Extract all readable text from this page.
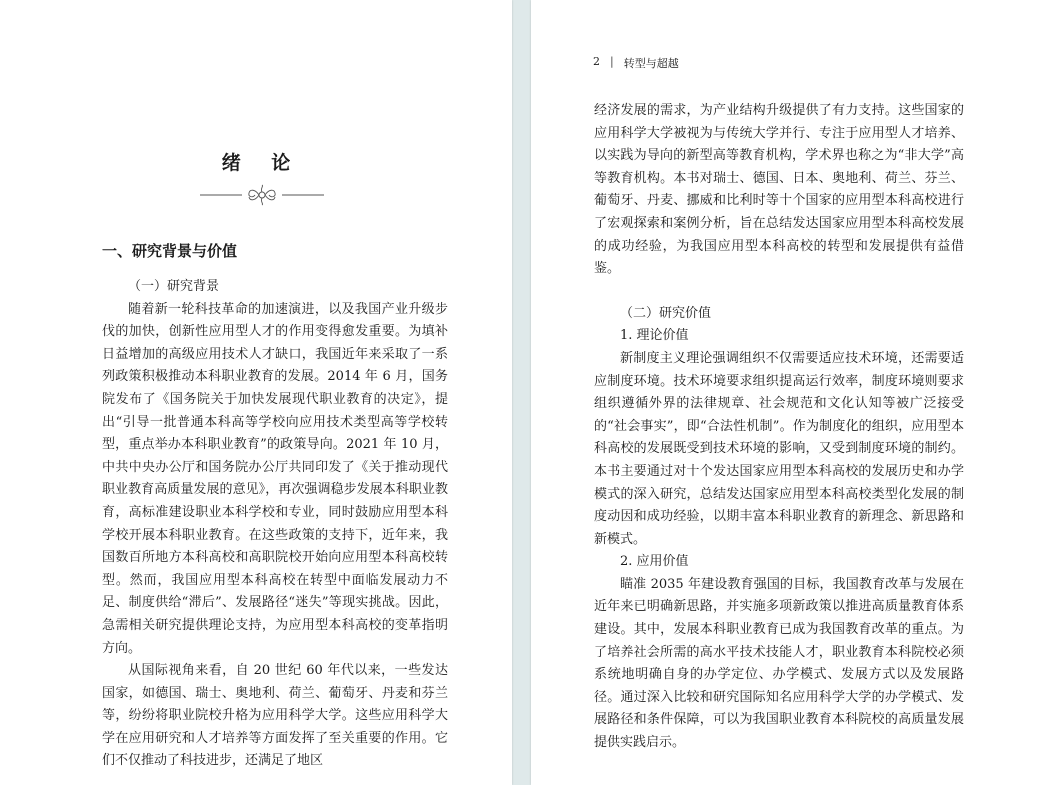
绪 论
一、研究背景与价值

（一）研究背景

随着新一轮科技革命的加速演进，以及我国产业升级步伐的加快，创新性应用型人才的作用变得愈发重要。为填补日益增加的高级应用技术人才缺口，我国近年来采取了一系列政策积极推动本科职业教育的发展。2014 年 6 月，国务院发布了《国务院关于加快发展现代职业教育的决定》，提出“引导一批普通本科高等学校向应用技术类型高等学校转型，重点举办本科职业教育”的政策导向。2021 年 10 月，中共中央办公厅和国务院办公厅共同印发了《关于推动现代职业教育高质量发展的意见》，再次强调稳步发展本科职业教育，高标准建设职业本科学校和专业，同时鼓励应用型本科学校开展本科职业教育。在这些政策的支持下，近年来，我国数百所地方本科高校和高职院校开始向应用型本科高校转型。然而，我国应用型本科高校在转型中面临发展动力不足、制度供给“滞后”、发展路径“迷失”等现实挑战。因此，急需相关研究提供理论支持，为应用型本科高校的变革指明方向。

从国际视角来看，自 20 世纪 60 年代以来，一些发达国家，如德国、瑞士、奥地利、荷兰、葡萄牙、丹麦和芬兰等，纷纷将职业院校升格为应用科学大学。这些应用科学大学在应用研究和人才培养等方面发挥了至关重要的作用。它们不仅推动了科技进步，还满足了地区

2 | 转型与超越

经济发展的需求，为产业结构升级提供了有力支持。这些国家的应用科学大学被视为与传统大学并行、专注于应用型人才培养、以实践为导向的新型高等教育机构，学术界也称之为“非大学”高等教育机构。本书对瑞士、德国、日本、奥地利、荷兰、芬兰、葡萄牙、丹麦、挪威和比利时等十个国家的应用型本科高校进行了宏观探索和案例分析，旨在总结发达国家应用型本科高校发展的成功经验，为我国应用型本科高校的转型和发展提供有益借鉴。

（二）研究价值

1. 理论价值

新制度主义理论强调组织不仅需要适应技术环境，还需要适应制度环境。技术环境要求组织提高运行效率，制度环境则要求组织遵循外界的法律规章、社会规范和文化认知等被广泛接受的“社会事实”，即“合法性机制”。作为制度化的组织，应用型本科高校的发展既受到技术环境的影响，又受到制度环境的制约。本书主要通过对十个发达国家应用型本科高校的发展历史和办学模式的深入研究，总结发达国家应用型本科高校类型化发展的制度动因和成功经验，以期丰富本科职业教育的新理念、新思路和新模式。

2. 应用价值

瞄准 2035 年建设教育强国的目标，我国教育改革与发展在近年来已明确新思路，并实施多项新政策以推进高质量教育体系建设。其中，发展本科职业教育已成为我国教育改革的重点。为了培养社会所需的高水平技术技能人才，职业教育本科院校必须系统地明确自身的办学定位、办学模式、发展方式以及发展路径。通过深入比较和研究国际知名应用科学大学的办学模式、发展路径和条件保障，可以为我国职业教育本科院校的高质量发展提供实践启示。
